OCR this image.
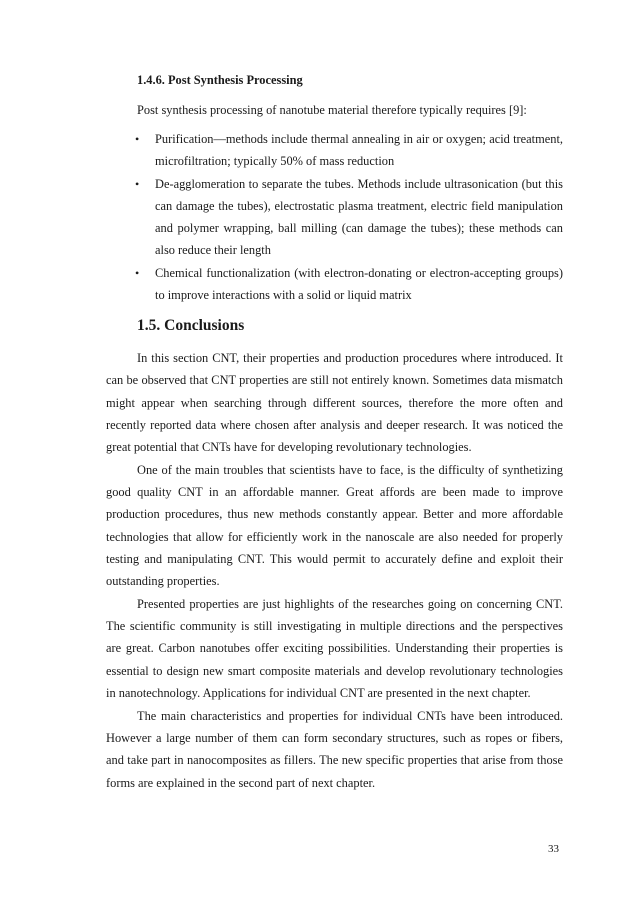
1.4.6. Post Synthesis Processing

Post synthesis processing of nanotube material therefore typically requires [9]:

• Purification—methods include thermal annealing in air or oxygen; acid treatment, microfiltration; typically 50% of mass reduction
• De-agglomeration to separate the tubes. Methods include ultrasonication (but this can damage the tubes), electrostatic plasma treatment, electric field manipulation and polymer wrapping, ball milling (can damage the tubes); these methods can also reduce their length
• Chemical functionalization (with electron-donating or electron-accepting groups) to improve interactions with a solid or liquid matrix
1.5. Conclusions

In this section CNT, their properties and production procedures where introduced. It can be observed that CNT properties are still not entirely known. Sometimes data mismatch might appear when searching through different sources, therefore the more often and recently reported data where chosen after analysis and deeper research. It was noticed the great potential that CNTs have for developing revolutionary technologies.

One of the main troubles that scientists have to face, is the difficulty of synthetizing good quality CNT in an affordable manner. Great affords are been made to improve production procedures, thus new methods constantly appear. Better and more affordable technologies that allow for efficiently work in the nanoscale are also needed for properly testing and manipulating CNT. This would permit to accurately define and exploit their outstanding properties.

Presented properties are just highlights of the researches going on concerning CNT. The scientific community is still investigating in multiple directions and the perspectives are great. Carbon nanotubes offer exciting possibilities. Understanding their properties is essential to design new smart composite materials and develop revolutionary technologies in nanotechnology. Applications for individual CNT are presented in the next chapter.

The main characteristics and properties for individual CNTs have been introduced. However a large number of them can form secondary structures, such as ropes or fibers, and take part in nanocomposites as fillers. The new specific properties that arise from those forms are explained in the second part of next chapter.

33
